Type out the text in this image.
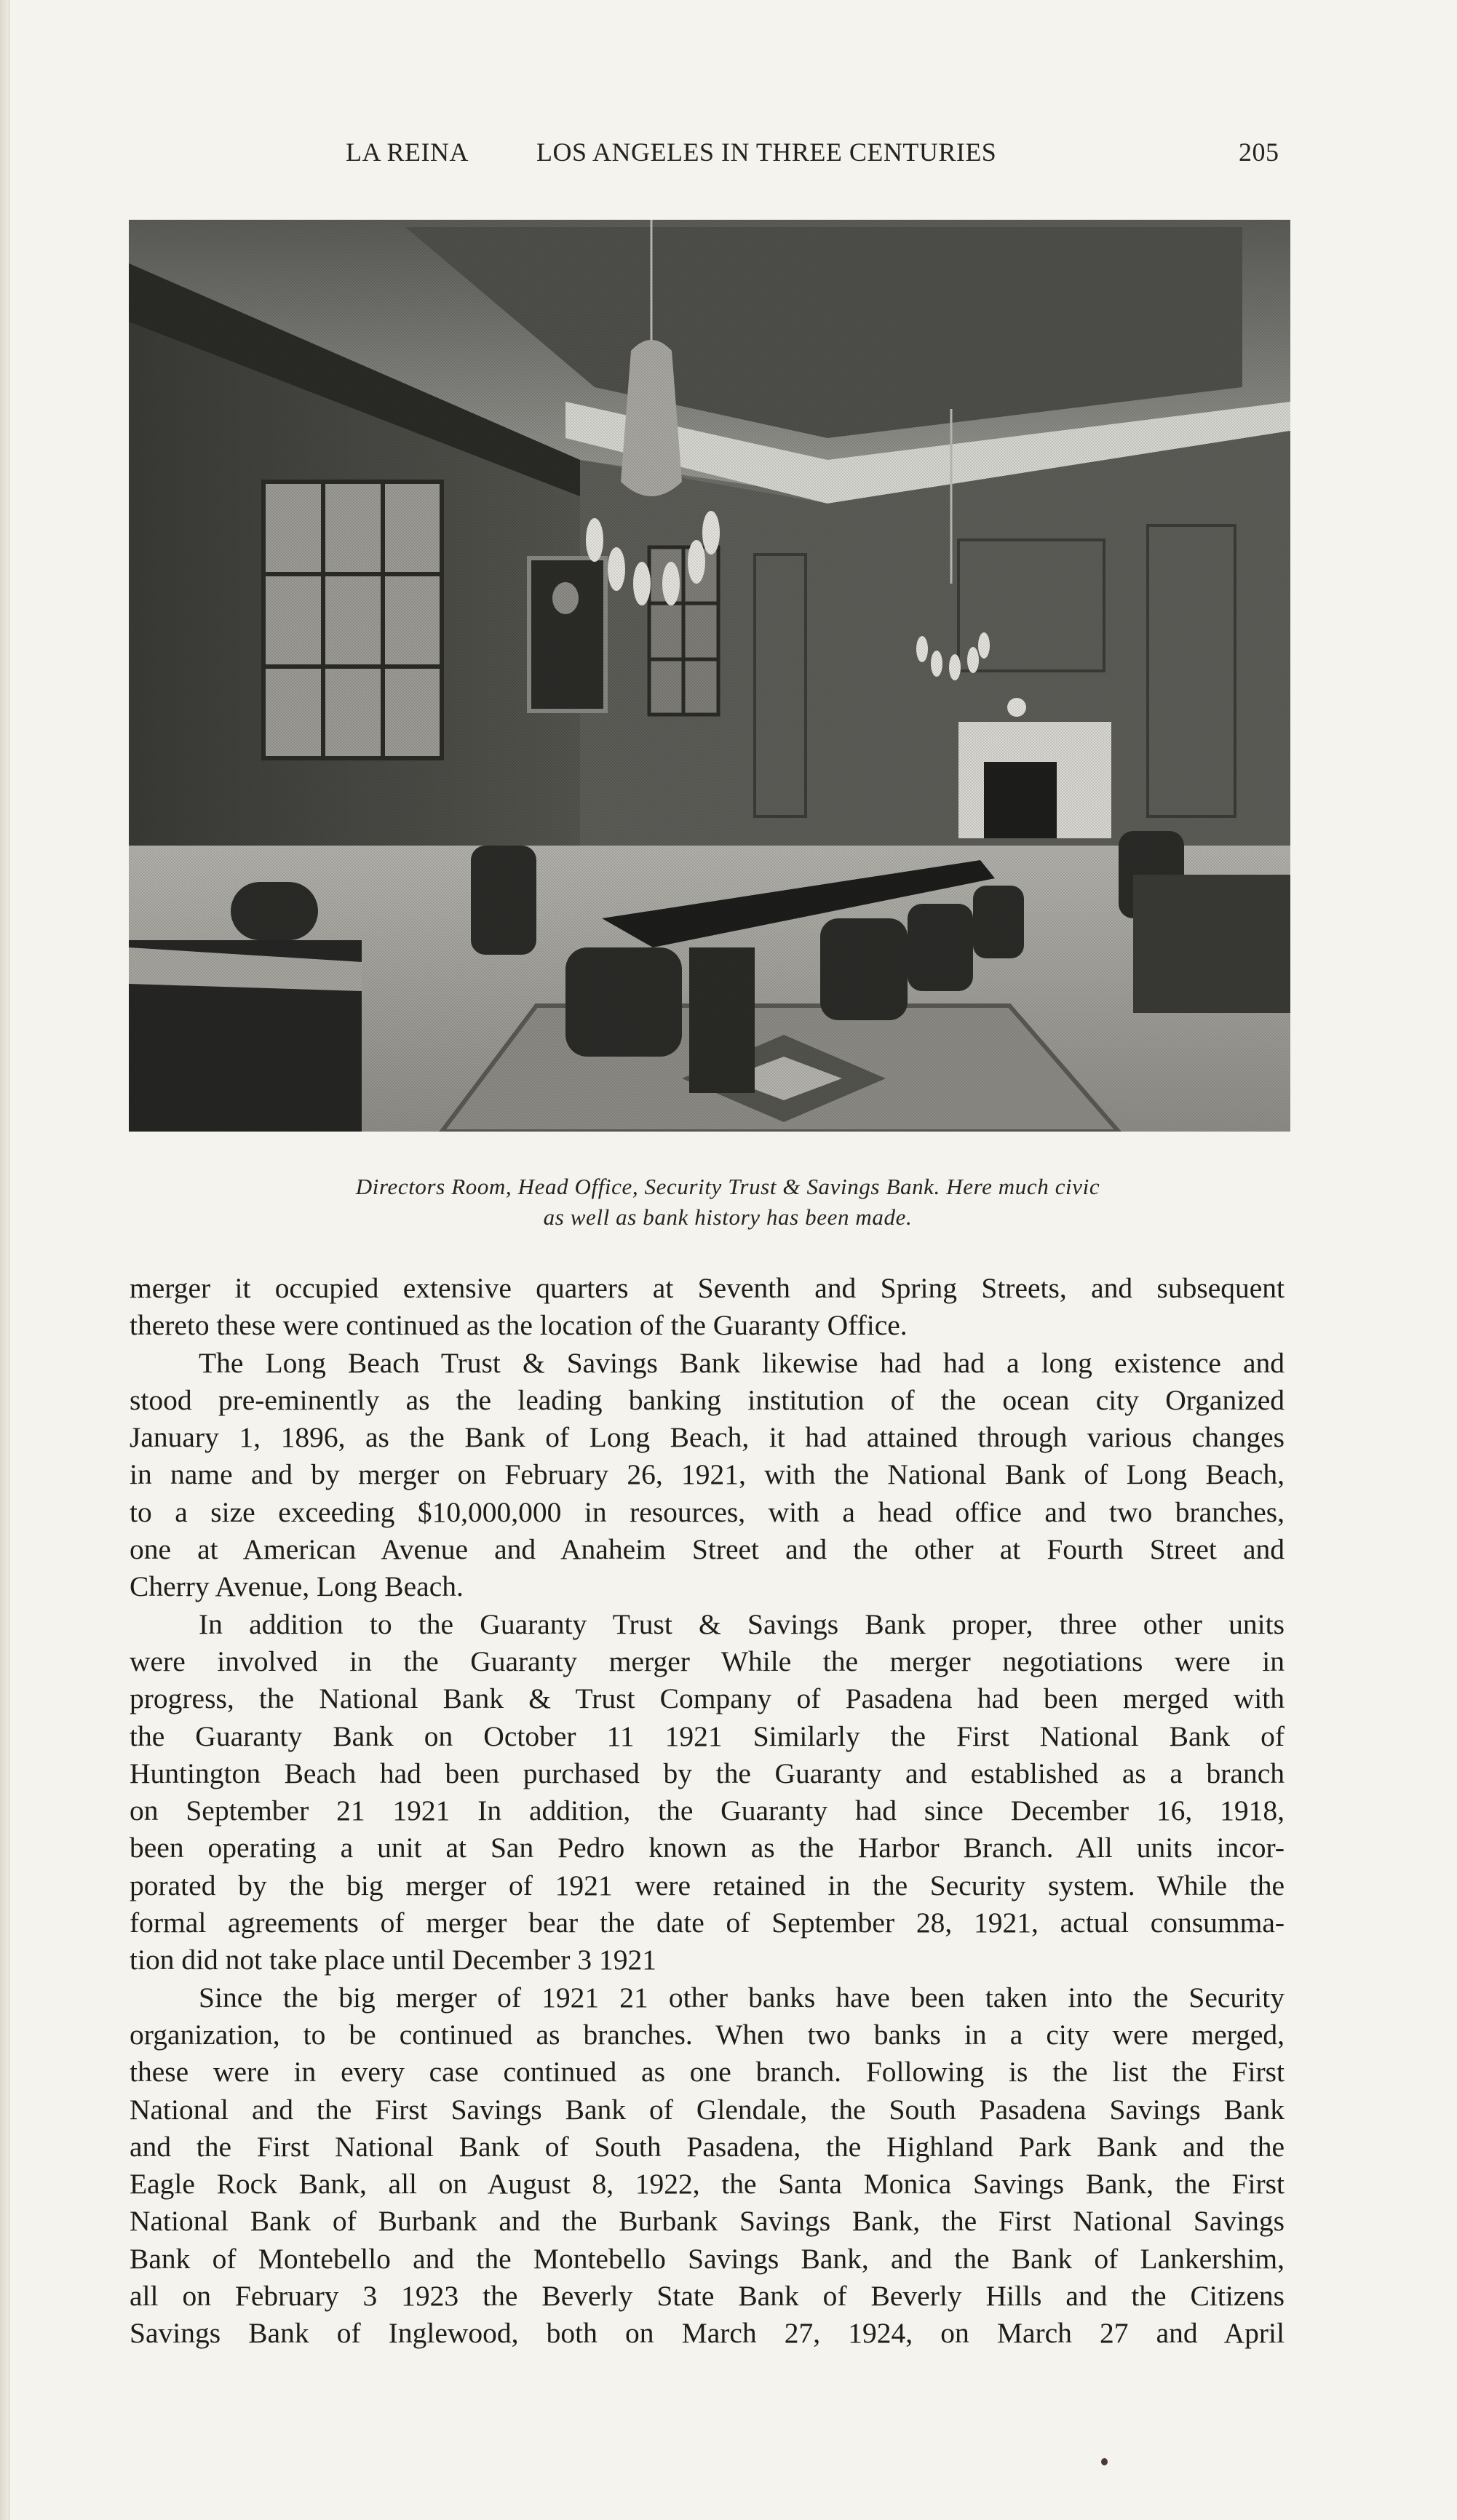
LA REINA	LOS ANGELES IN THREE CENTURIES	205
Directors Room, Head Office, Security Trust & Savings Bank. Here much civic
as well as bank history has been made.

merger it occupied extensive quarters at Seventh and Spring Streets, and subsequent
thereto these were continued as the location of the Guaranty Office.

The Long Beach Trust & Savings Bank likewise had had a long existence and
stood pre-eminently as the leading banking institution of the ocean city Organized
January 1, 1896, as the Bank of Long Beach, it had attained through various changes
in name and by merger on February 26, 1921, with the National Bank of Long Beach,
to a size exceeding $10,000,000 in resources, with a head office and two branches,
one at American Avenue and Anaheim Street and the other at Fourth Street and
Cherry Avenue, Long Beach.

In addition to the Guaranty Trust & Savings Bank proper, three other units
were involved in the Guaranty merger While the merger negotiations were in
progress, the National Bank & Trust Company of Pasadena had been merged with
the Guaranty Bank on October 11 1921 Similarly the First National Bank of
Huntington Beach had been purchased by the Guaranty and established as a branch
on September 21 1921 In addition, the Guaranty had since December 16, 1918,
been operating a unit at San Pedro known as the Harbor Branch. All units incor-
porated by the big merger of 1921 were retained in the Security system. While the
formal agreements of merger bear the date of September 28, 1921, actual consumma-
tion did not take place until December 3 1921

Since the big merger of 1921 21 other banks have been taken into the Security
organization, to be continued as branches. When two banks in a city were merged,
these were in every case continued as one branch. Following is the list the First
National and the First Savings Bank of Glendale, the South Pasadena Savings Bank
and the First National Bank of South Pasadena, the Highland Park Bank and the
Eagle Rock Bank, all on August 8, 1922, the Santa Monica Savings Bank, the First
National Bank of Burbank and the Burbank Savings Bank, the First National Savings
Bank of Montebello and the Montebello Savings Bank, and the Bank of Lankershim,
all on February 3 1923 the Beverly State Bank of Beverly Hills and the Citizens
Savings Bank of Inglewood, both on March 27, 1924, on March 27 and April
